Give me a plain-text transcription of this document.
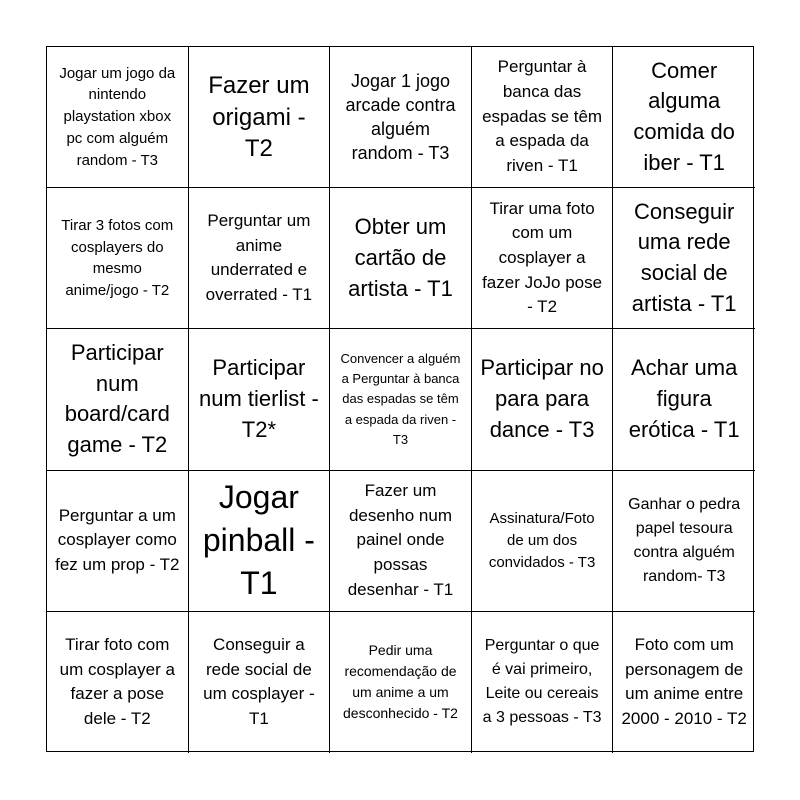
Jogar um jogo da nintendo playstation xbox pc com alguém random - T3
Fazer um origami - T2
Jogar 1 jogo arcade contra alguém random - T3
Perguntar à banca das espadas se têm a espada da riven - T1
Comer alguma comida do iber - T1
Tirar 3 fotos com cosplayers do mesmo anime/jogo - T2
Perguntar um anime underrated e overrated - T1
Obter um cartão de artista - T1
Tirar uma foto com um cosplayer a fazer JoJo pose - T2
Conseguir uma rede social de artista - T1
Participar num board/card game - T2
Participar num tierlist - T2*
Convencer a alguém a Perguntar à banca das espadas se têm a espada da riven - T3
Participar no para para dance - T3
Achar uma figura erótica - T1
Perguntar a um cosplayer como fez um prop - T2
Jogar pinball - T1
Fazer um desenho num painel onde possas desenhar - T1
Assinatura/Foto de um dos convidados - T3
Ganhar o pedra papel tesoura contra alguém random- T3
Tirar foto com um cosplayer a fazer a pose dele - T2
Conseguir a rede social de um cosplayer - T1
Pedir uma recomendação de um anime a um desconhecido - T2
Perguntar o que é vai primeiro, Leite ou cereais a 3 pessoas - T3
Foto com um personagem de um anime entre 2000 - 2010 - T2
